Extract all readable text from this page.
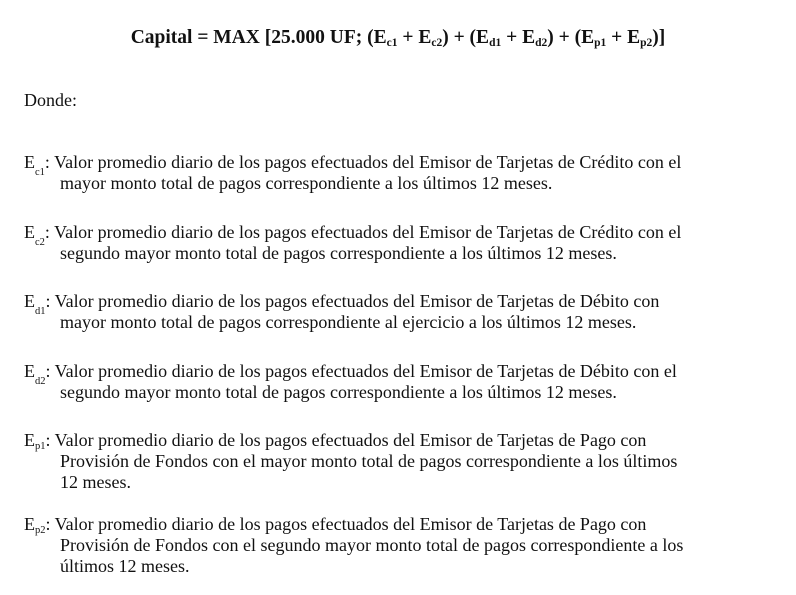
Capital = MAX [25.000 UF; $(E_{c1} + E_{c2}) + (E_{d1} + E_{d2}) + (E_{p1} + E_{p2})$]
Donde:
$E_{c1}$: Valor promedio diario de los pagos efectuados del Emisor de Tarjetas de Crédito con el
mayor monto total de pagos correspondiente a los últimos 12 meses.
$E_{c2}$: Valor promedio diario de los pagos efectuados del Emisor de Tarjetas de Crédito con el
segundo mayor monto total de pagos correspondiente a los últimos 12 meses.
$E_{d1}$: Valor promedio diario de los pagos efectuados del Emisor de Tarjetas de Débito con
mayor monto total de pagos correspondiente al ejercicio a los últimos 12 meses.
$E_{d2}$: Valor promedio diario de los pagos efectuados del Emisor de Tarjetas de Débito con el
segundo mayor monto total de pagos correspondiente a los últimos 12 meses.
$E_{p1}$: Valor promedio diario de los pagos efectuados del Emisor de Tarjetas de Pago con
Provisión de Fondos con el mayor monto total de pagos correspondiente a los últimos
12 meses.
$E_{p2}$: Valor promedio diario de los pagos efectuados del Emisor de Tarjetas de Pago con
Provisión de Fondos con el segundo mayor monto total de pagos correspondiente a los
últimos 12 meses.
